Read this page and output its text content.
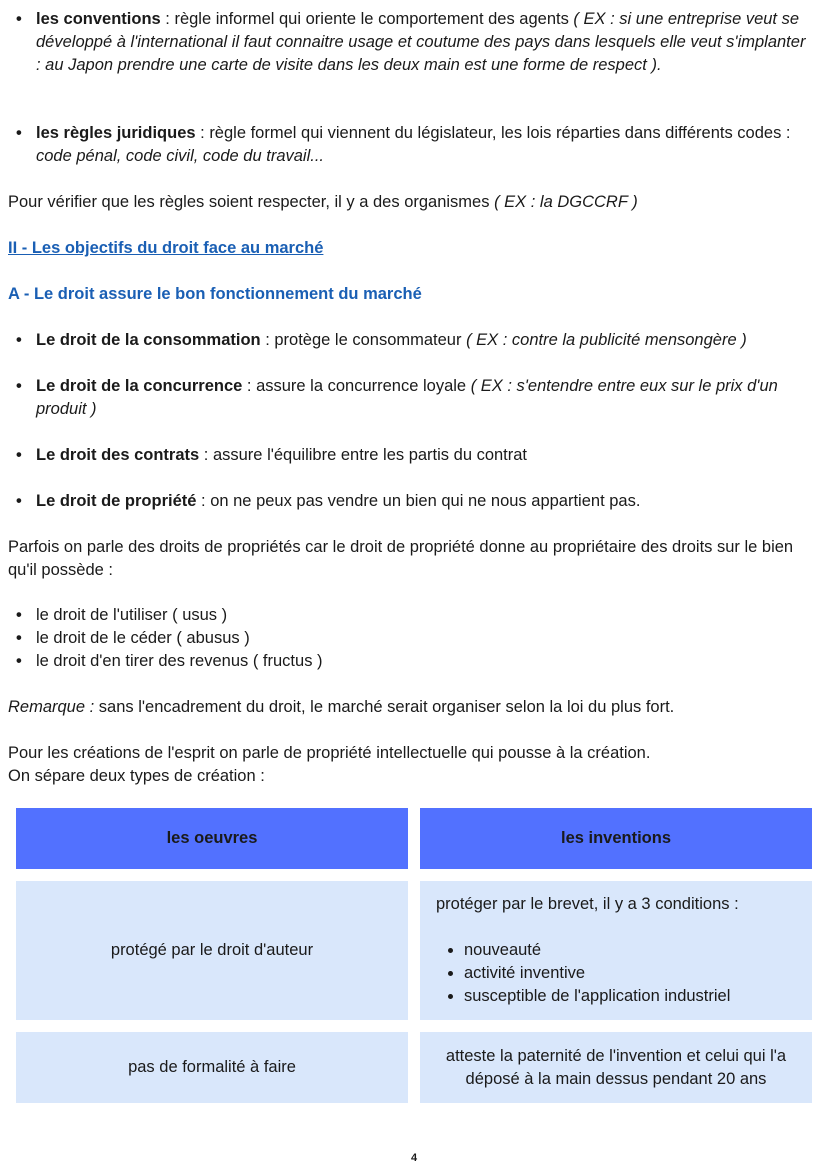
• les conventions : règle informel qui oriente le comportement des agents ( EX : si une entreprise veut se développé à l'international il faut connaitre usage et coutume des pays dans lesquels elle veut s'implanter : au Japon prendre une carte de visite dans les deux main est une forme de respect ).
• les règles juridiques : règle formel qui viennent du législateur, les lois réparties dans différents codes : code pénal, code civil, code du travail...
Pour vérifier que les règles soient respecter, il y a des organismes ( EX : la DGCCRF )
II - Les objectifs du droit face au marché
A - Le droit assure le bon fonctionnement du marché
• Le droit de la consommation : protège le consommateur ( EX : contre la publicité mensongère )
• Le droit de la concurrence : assure la concurrence loyale ( EX : s'entendre entre eux sur le prix d'un produit )
• Le droit des contrats : assure l'équilibre entre les partis du contrat
• Le droit de propriété : on ne peux pas vendre un bien qui ne nous appartient pas.
Parfois on parle des droits de propriétés car le droit de propriété donne au propriétaire des droits sur le bien qu'il possède :
• le droit de l'utiliser ( usus )
• le droit de le céder ( abusus )
• le droit d'en tirer des revenus ( fructus )
Remarque : sans l'encadrement du droit, le marché serait organiser selon la loi du plus fort.
Pour les créations de l'esprit on parle de propriété intellectuelle qui pousse à la création.
On sépare deux types de création :
les oeuvres	les inventions
protégé par le droit d'auteur
protéger par le brevet, il y a 3 conditions :
• nouveauté
• activité inventive
• susceptible de l'application industriel
pas de formalité à faire
atteste la paternité de l'invention et celui qui l'a déposé à la main dessus pendant 20 ans
4
